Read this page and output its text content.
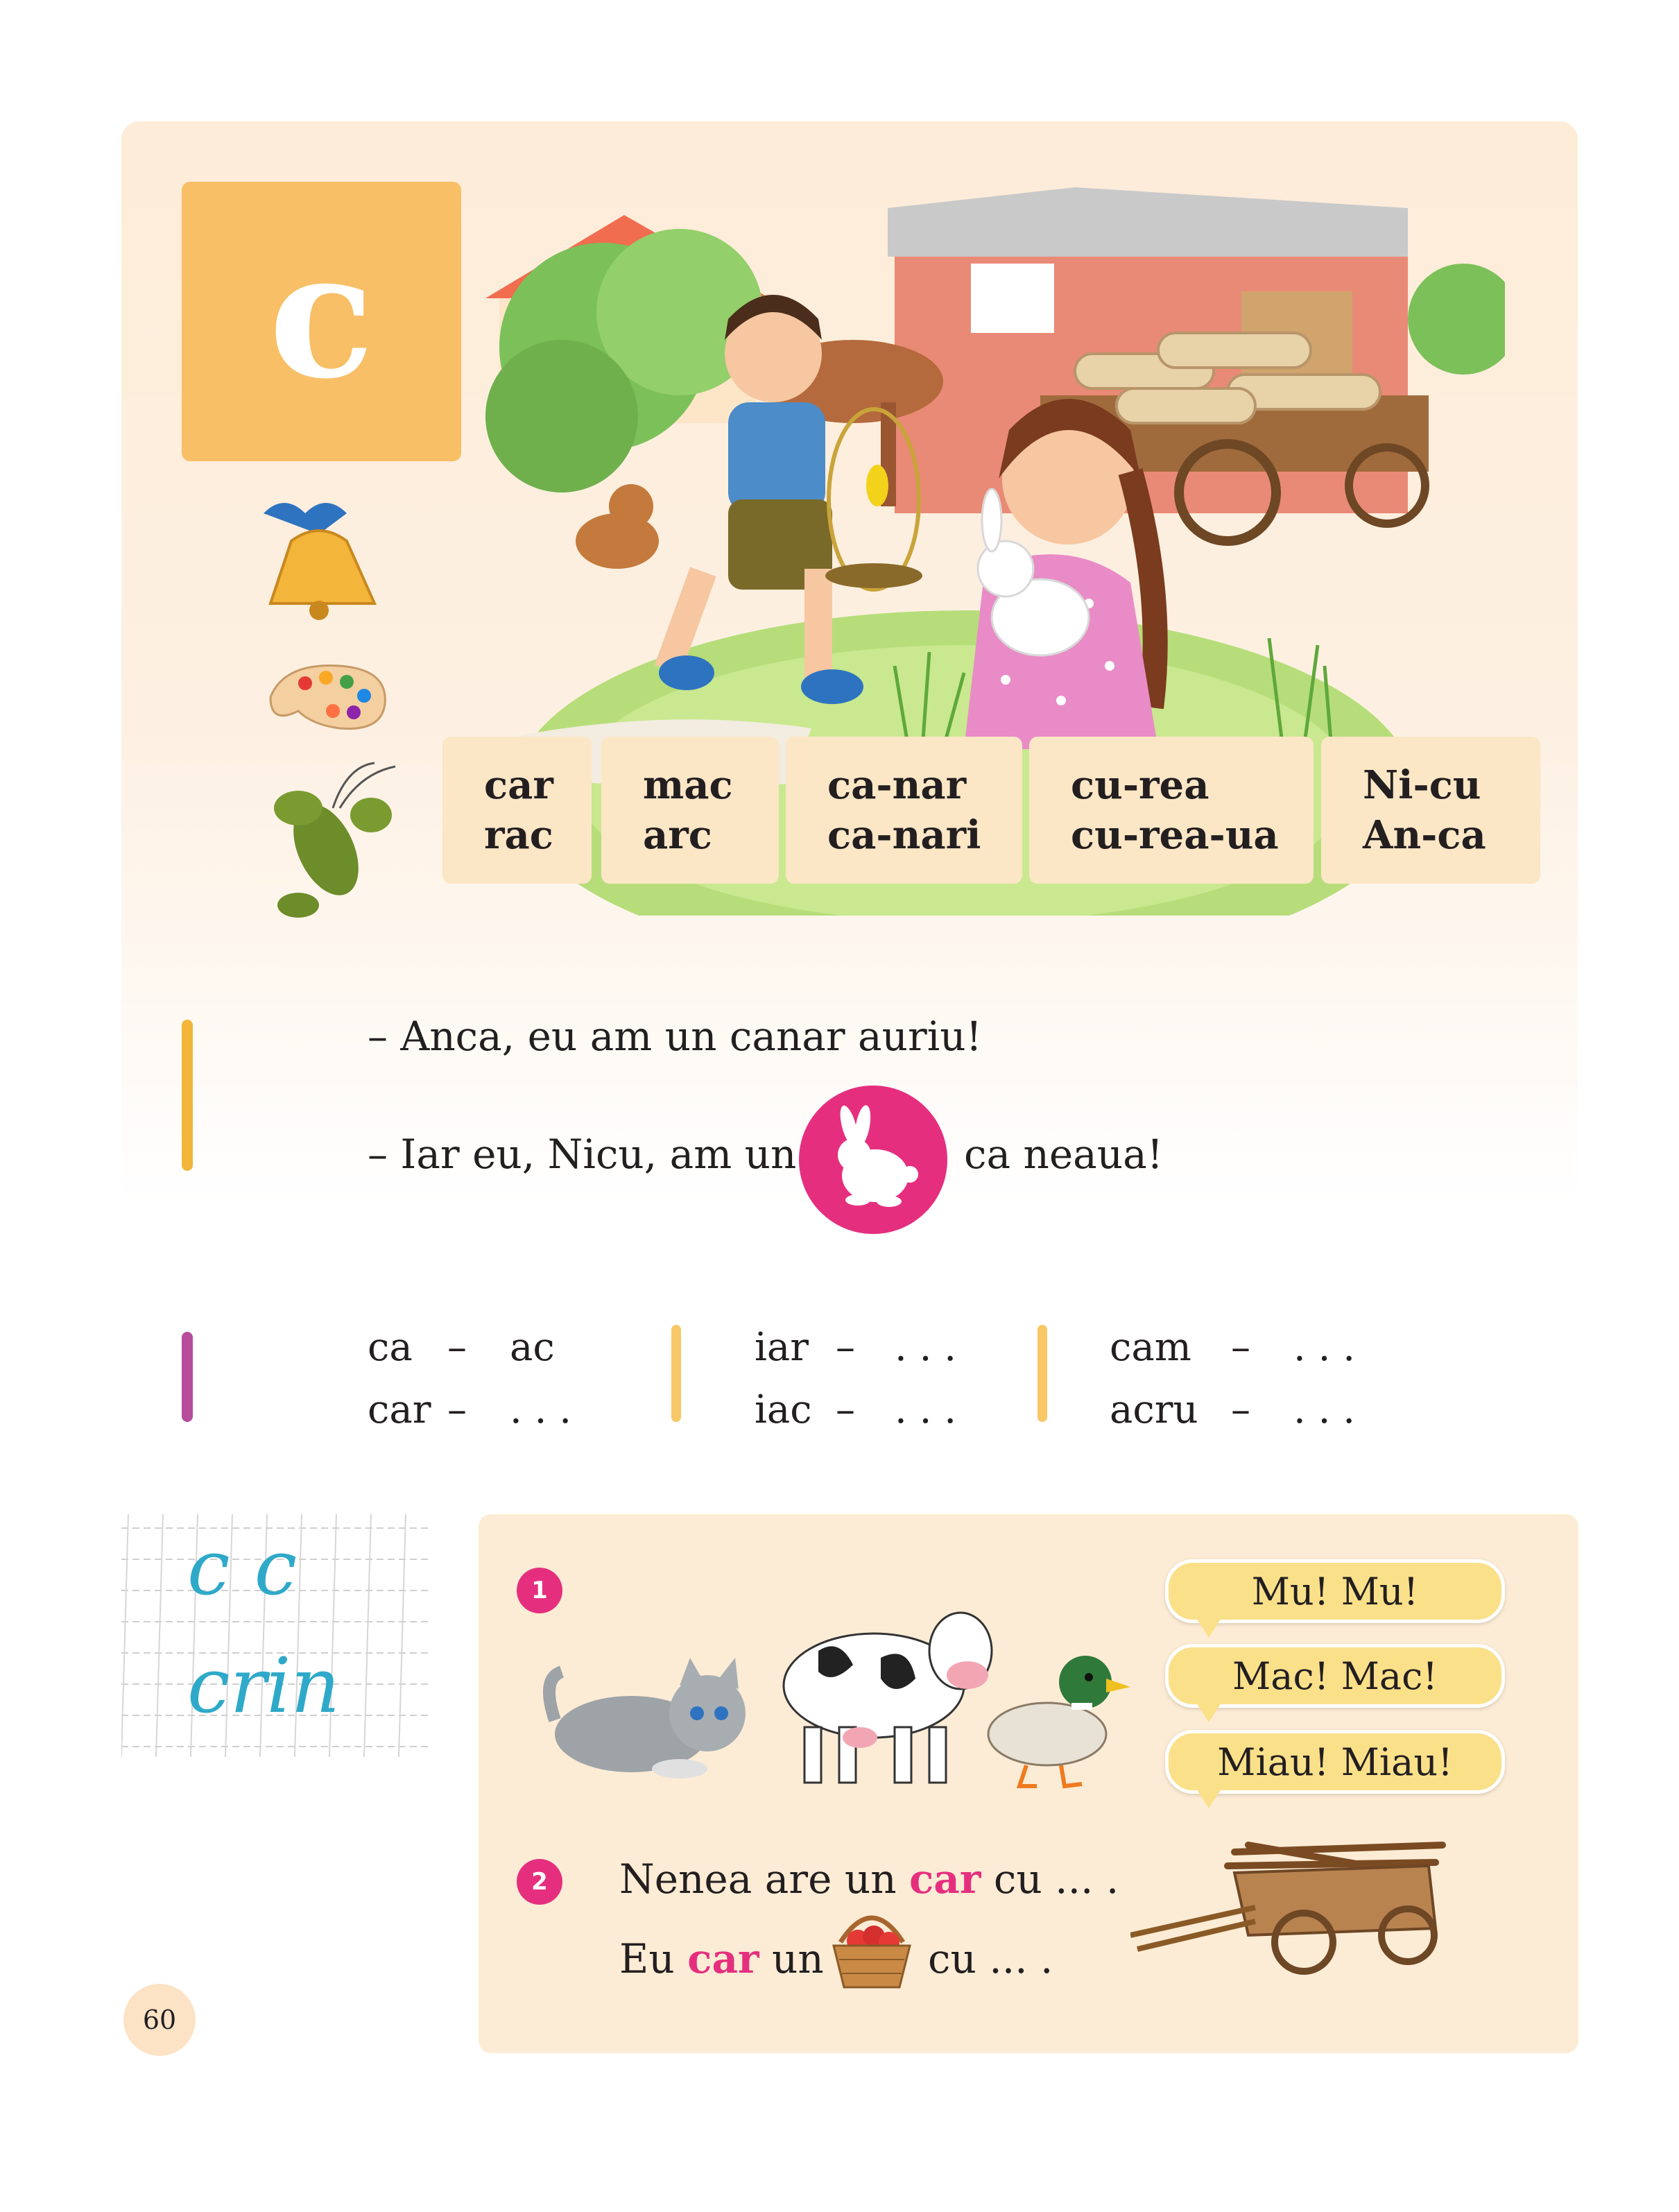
c
car
rac
mac
arc
ca-nar
ca-nari
cu-rea
cu-rea-ua
Ni-cu
An-ca
– Anca, eu am un canar auriu!
– Iar eu, Nicu, am un	ca neaua!
ca – ac
car – . . .
iar – . . .
iac – . . .
cam – . . .
acru – . . .
c c
crin
1	Mu! Mu!
Mac! Mac!
Miau! Miau!
2	Nenea are un car cu ... .
Eu car un	cu ... .
60
